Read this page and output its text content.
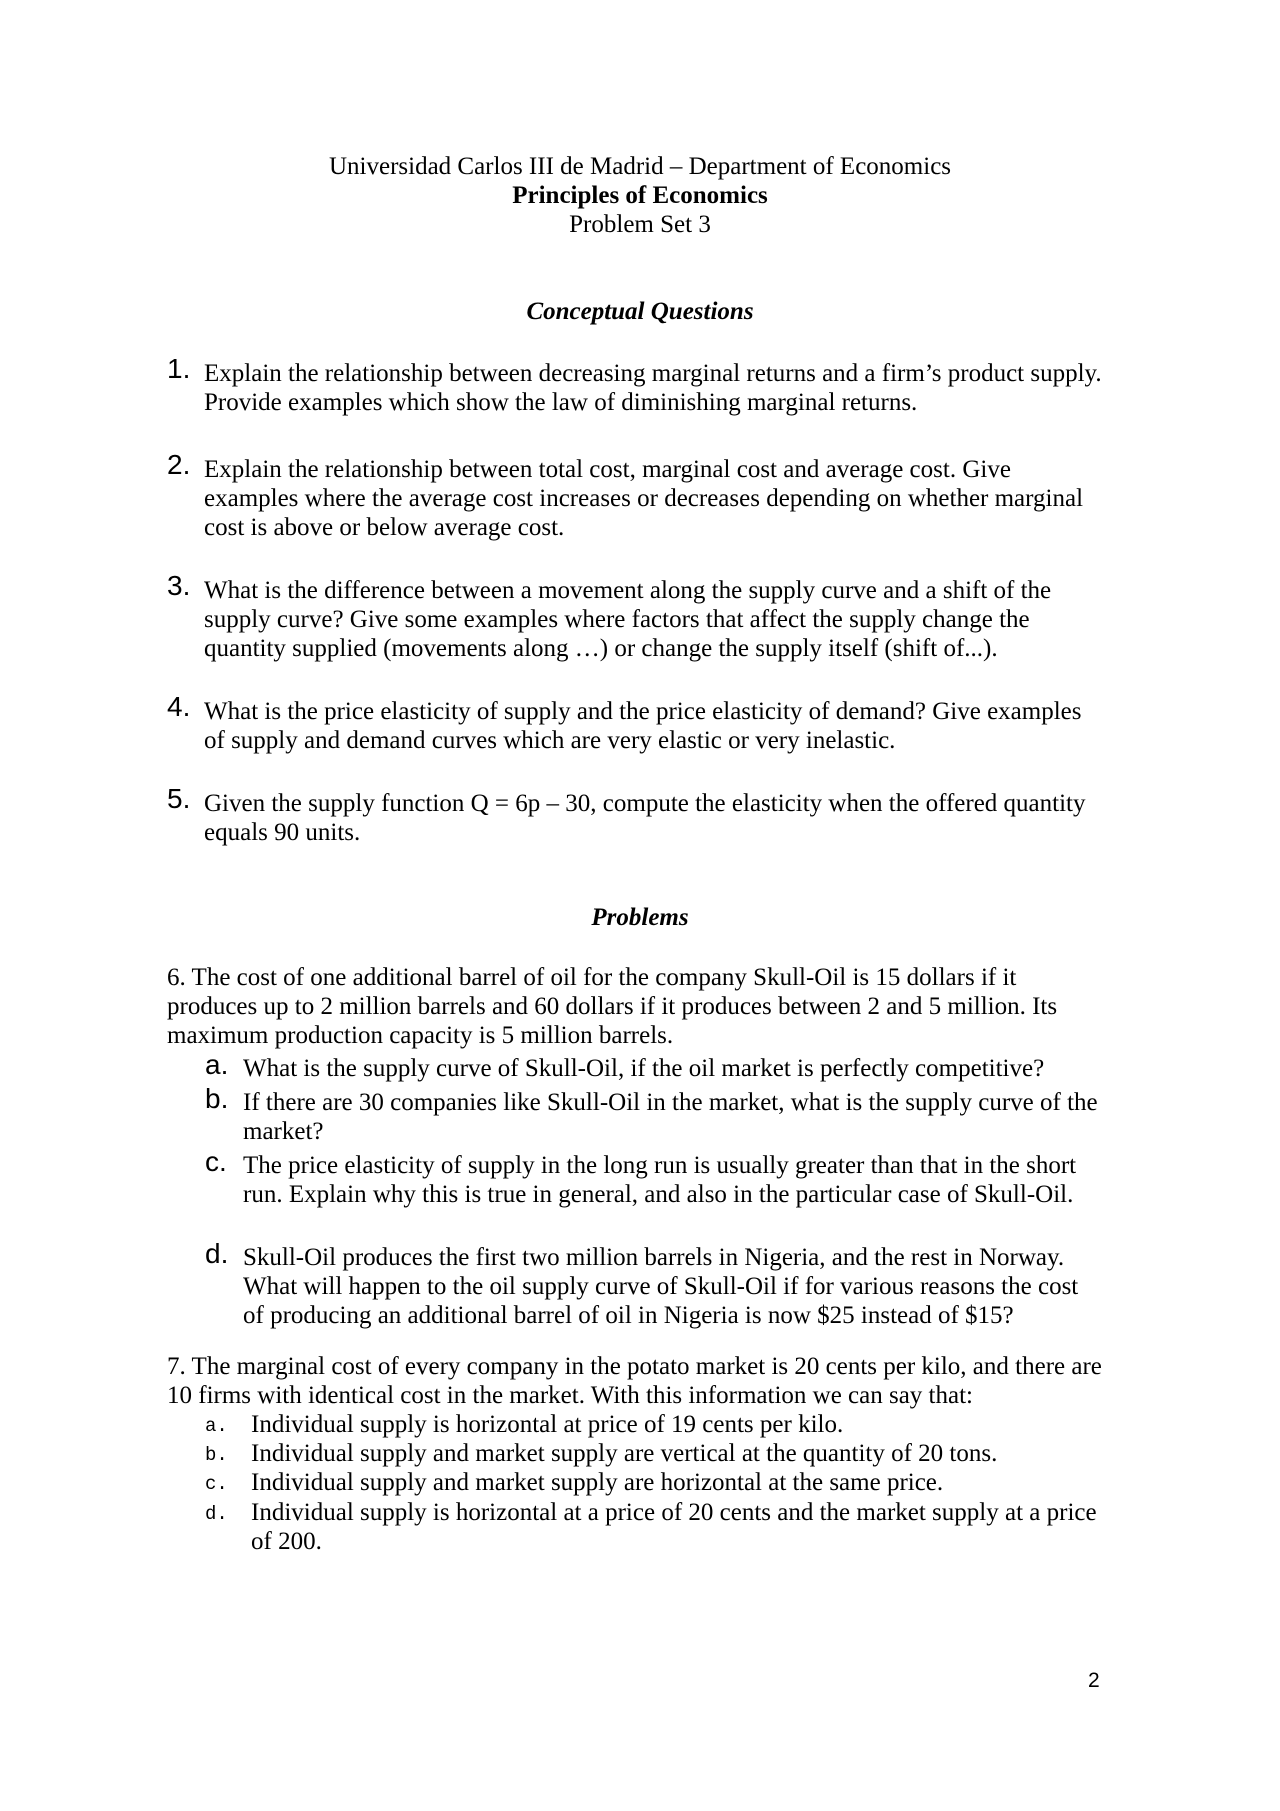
Universidad Carlos III de Madrid – Department of Economics
Principles of Economics
Problem Set 3
Conceptual Questions
1. Explain the relationship between decreasing marginal returns and a firm’s product supply. Provide examples which show the law of diminishing marginal returns.
2. Explain the relationship between total cost, marginal cost and average cost. Give examples where the average cost increases or decreases depending on whether marginal cost is above or below average cost.
3. What is the difference between a movement along the supply curve and a shift of the supply curve? Give some examples where factors that affect the supply change the quantity supplied (movements along …) or change the supply itself (shift of...).
4. What is the price elasticity of supply and the price elasticity of demand? Give examples of supply and demand curves which are very elastic or very inelastic.
5. Given the supply function Q = 6p – 30, compute the elasticity when the offered quantity equals 90 units.
Problems
6. The cost of one additional barrel of oil for the company Skull-Oil is 15 dollars if it produces up to 2 million barrels and 60 dollars if it produces between 2 and 5 million. Its maximum production capacity is 5 million barrels.
a. What is the supply curve of Skull-Oil, if the oil market is perfectly competitive?
b. If there are 30 companies like Skull-Oil in the market, what is the supply curve of the market?
c. The price elasticity of supply in the long run is usually greater than that in the short run. Explain why this is true in general, and also in the particular case of Skull-Oil.
d. Skull-Oil produces the first two million barrels in Nigeria, and the rest in Norway. What will happen to the oil supply curve of Skull-Oil if for various reasons the cost of producing an additional barrel of oil in Nigeria is now $25 instead of $15?
7. The marginal cost of every company in the potato market is 20 cents per kilo, and there are 10 firms with identical cost in the market. With this information we can say that:
a. Individual supply is horizontal at price of 19 cents per kilo.
b. Individual supply and market supply are vertical at the quantity of 20 tons.
c. Individual supply and market supply are horizontal at the same price.
d. Individual supply is horizontal at a price of 20 cents and the market supply at a price of 200.
2
